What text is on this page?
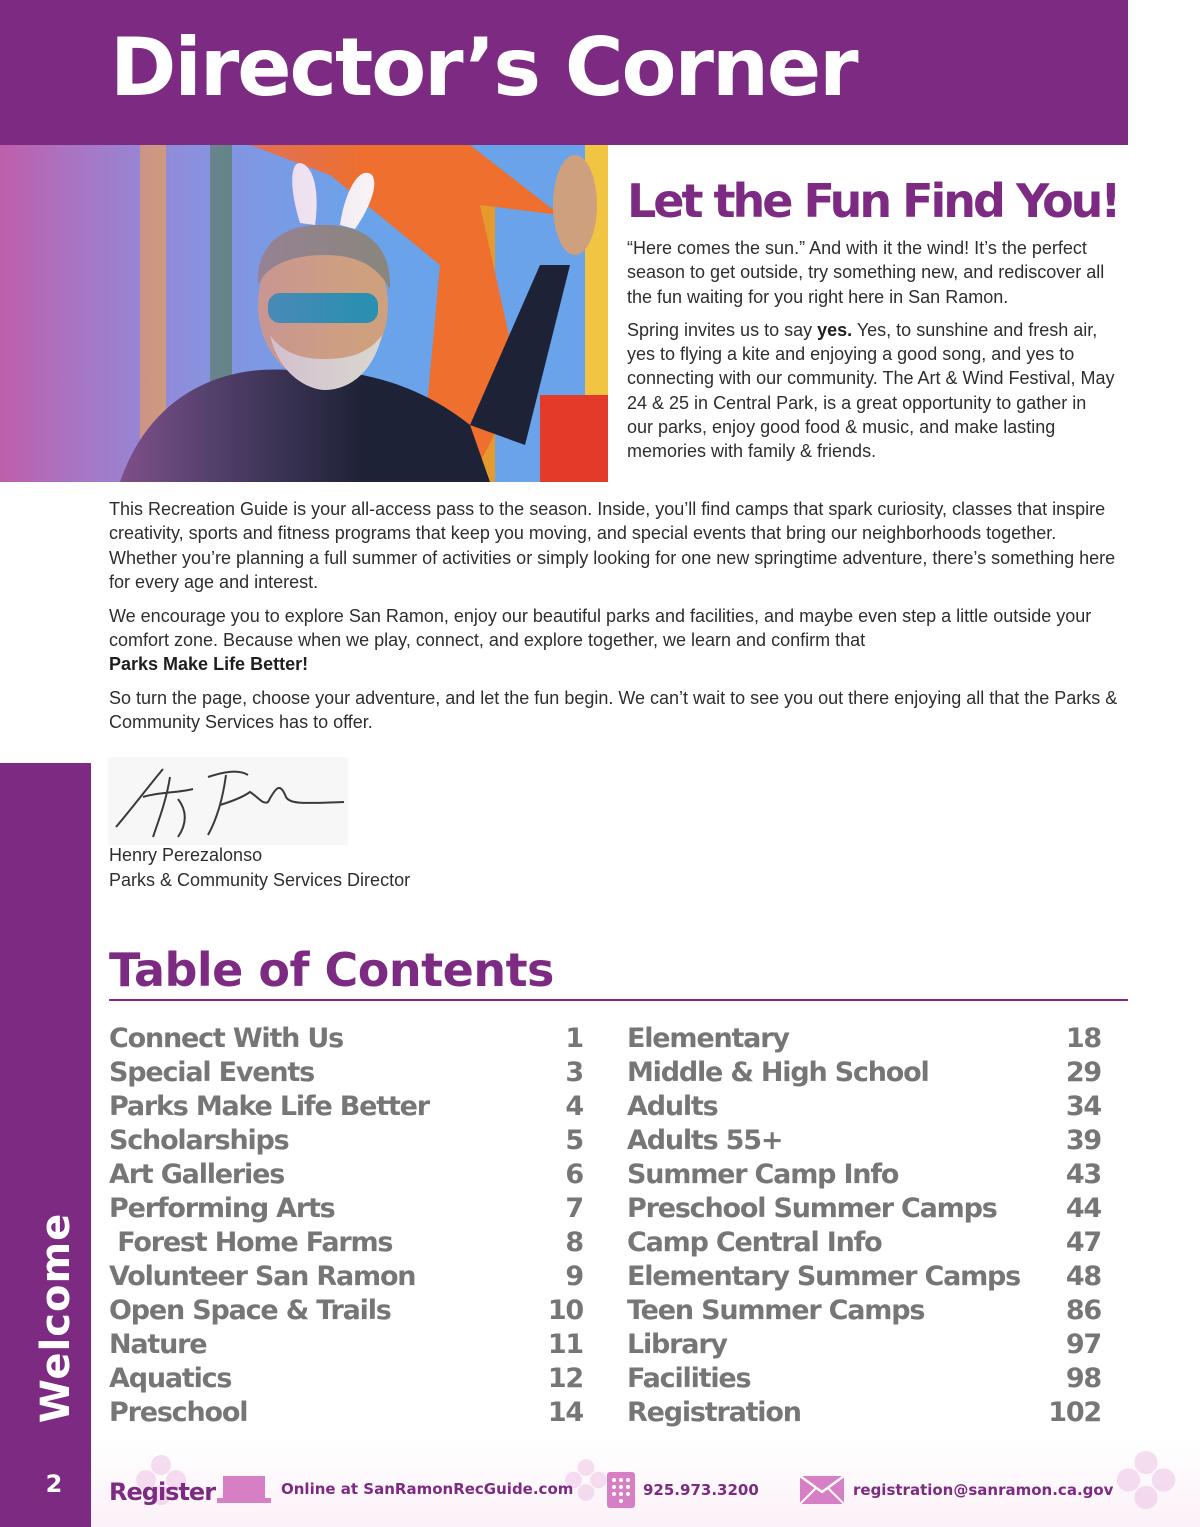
Director’s Corner
Let the Fun Find You!

“Here comes the sun.” And with it the wind! It’s the perfect season to get outside, try something new, and rediscover all the fun waiting for you right here in San Ramon.

Spring invites us to say yes. Yes, to sunshine and fresh air, yes to flying a kite and enjoying a good song, and yes to connecting with our community. The Art & Wind Festival, May 24 & 25 in Central Park, is a great opportunity to gather in our parks, enjoy good food & music, and make lasting memories with family & friends.

This Recreation Guide is your all-access pass to the season. Inside, you’ll find camps that spark curiosity, classes that inspire creativity, sports and fitness programs that keep you moving, and special events that bring our neighborhoods together. Whether you’re planning a full summer of activities or simply looking for one new springtime adventure, there’s something here for every age and interest.

We encourage you to explore San Ramon, enjoy our beautiful parks and facilities, and maybe even step a little outside your comfort zone. Because when we play, connect, and explore together, we learn and confirm that
Parks Make Life Better!

So turn the page, choose your adventure, and let the fun begin. We can’t wait to see you out there enjoying all that the Parks & Community Services has to offer.

Henry Perezalonso
Parks & Community Services Director
Welcome
2
Table of Contents
Connect With Us	1
Special Events	3
Parks Make Life Better	4
Scholarships	5
Art Galleries	6
Performing Arts	7
Forest Home Farms	8
Volunteer San Ramon	9
Open Space & Trails	10
Nature	11
Aquatics	12
Preschool	14
Elementary	18
Middle & High School	29
Adults	34
Adults 55+	39
Summer Camp Info	43
Preschool Summer Camps	44
Camp Central Info	47
Elementary Summer Camps 48
Teen Summer Camps	86
Library	97
Facilities	98
Registration	102
Register	Online at SanRamonRecGuide.com	925.973.3200	registration@sanramon.ca.gov
